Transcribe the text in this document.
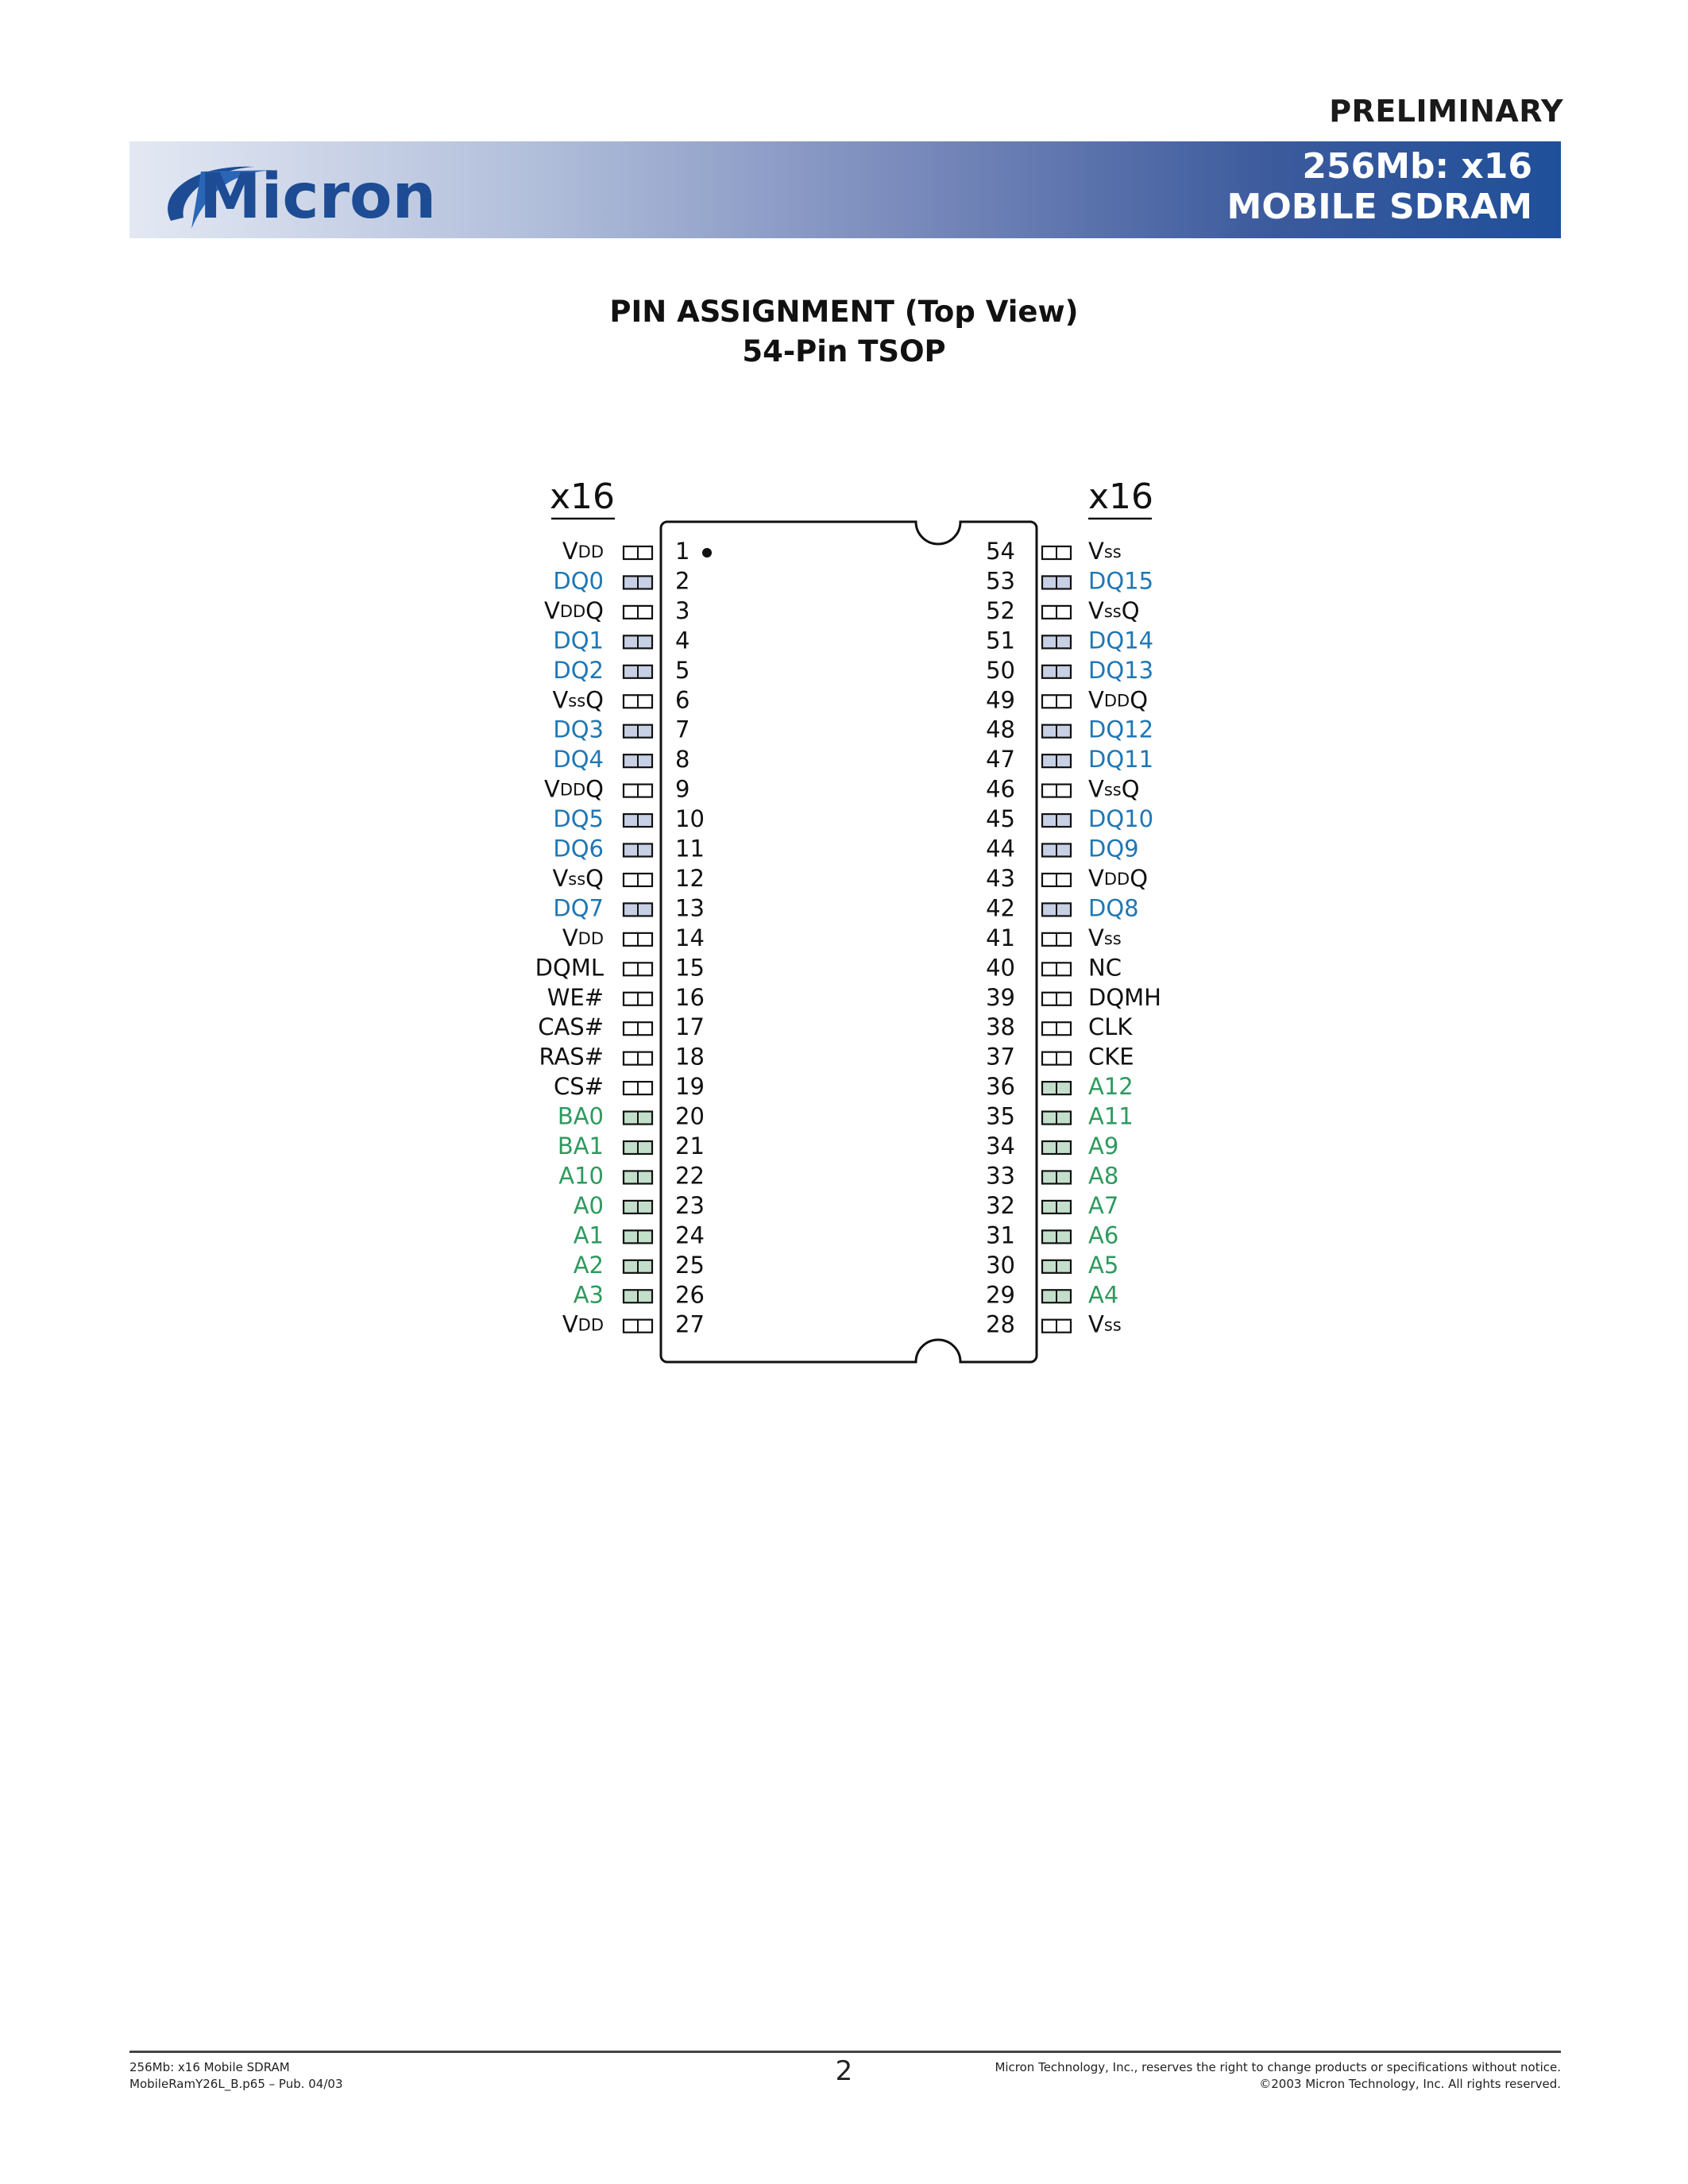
PRELIMINARY
Micron	256Mb: x16
MOBILE SDRAM
PIN ASSIGNMENT (Top View)
54-Pin TSOP
x16	x16
VDD	1
DQ0	2
VDDQ	3
DQ1	4
DQ2	5
VssQ	6
DQ3	7
DQ4	8
VDDQ	9
DQ5	10
DQ6	11
VssQ	12
DQ7	13
VDD	14
DQML	15
WE#	16
CAS#	17
RAS#	18
CS#	19
BA0	20
BA1	21
A10	22
A0	23
A1	24
A2	25
A3	26
VDD	27
54	Vss
53	DQ15
52	VssQ
51	DQ14
50	DQ13
49	VDDQ
48	DQ12
47	DQ11
46	VssQ
45	DQ10
44	DQ9
43	VDDQ
42	DQ8
41	Vss
40	NC
39	DQMH
38	CLK
37	CKE
36	A12
35	A11
34	A9
33	A8
32	A7
31	A6
30	A5
29	A4
28	Vss
256Mb: x16 Mobile SDRAM
MobileRamY26L_B.p65 – Pub. 04/03	2	Micron Technology, Inc., reserves the right to change products or specifications without notice.
©2003 Micron Technology, Inc. All rights reserved.
